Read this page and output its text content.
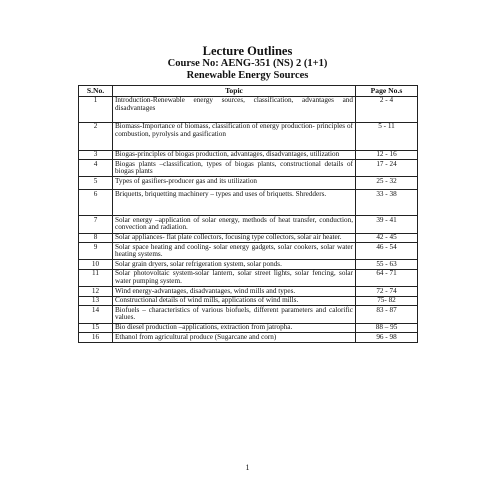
Lecture Outlines
Course No: AENG-351 (NS) 2 (1+1)
Renewable Energy Sources
S.No.	Topic	Page No.s
1	Introduction-Renewable energy sources, classification, advantages and disadvantages	2 - 4
2	Biomass-Importance of biomass, classification of energy production- principles of combustion, pyrolysis and gasification	5 - 11
3	Biogas-principles of biogas production, advantages, disadvantages, utilization	12 - 16
4	Biogas plants –classification, types of biogas plants, constructional details of biogas plants	17 - 24
5	Types of gasifiers-producer gas and its utilization	25 - 32
6	Briquetts, briquetting machinery – types and uses of briquetts. Shredders.	33 - 38
7	Solar energy –application of solar energy, methods of heat transfer, conduction, convection and radiation.	39 - 41
8	Solar appliances- flat plate collectors, focusing type collectors, solar air heater.	42 - 45
9	Solar space heating and cooling- solar energy gadgets, solar cookers, solar water heating systems.	46 - 54
10	Solar grain dryers, solar refrigeration system, solar ponds.	55 - 63
11	Solar photovoltaic system-solar lantern, solar street lights, solar fencing, solar water pumping system.	64 - 71
12	Wind energy-advantages, disadvantages, wind mills and types.	72 - 74
13	Constructional details of wind mills, applications of wind mills.	75- 82
14	Biofuels – characteristics of various biofuels, different parameters and calorific values.	83 - 87
15	Bio diesel production –applications, extraction from jatropha.	88 – 95
16	Ethanol from agricultural produce (Sugarcane and corn)	96 - 98
1
